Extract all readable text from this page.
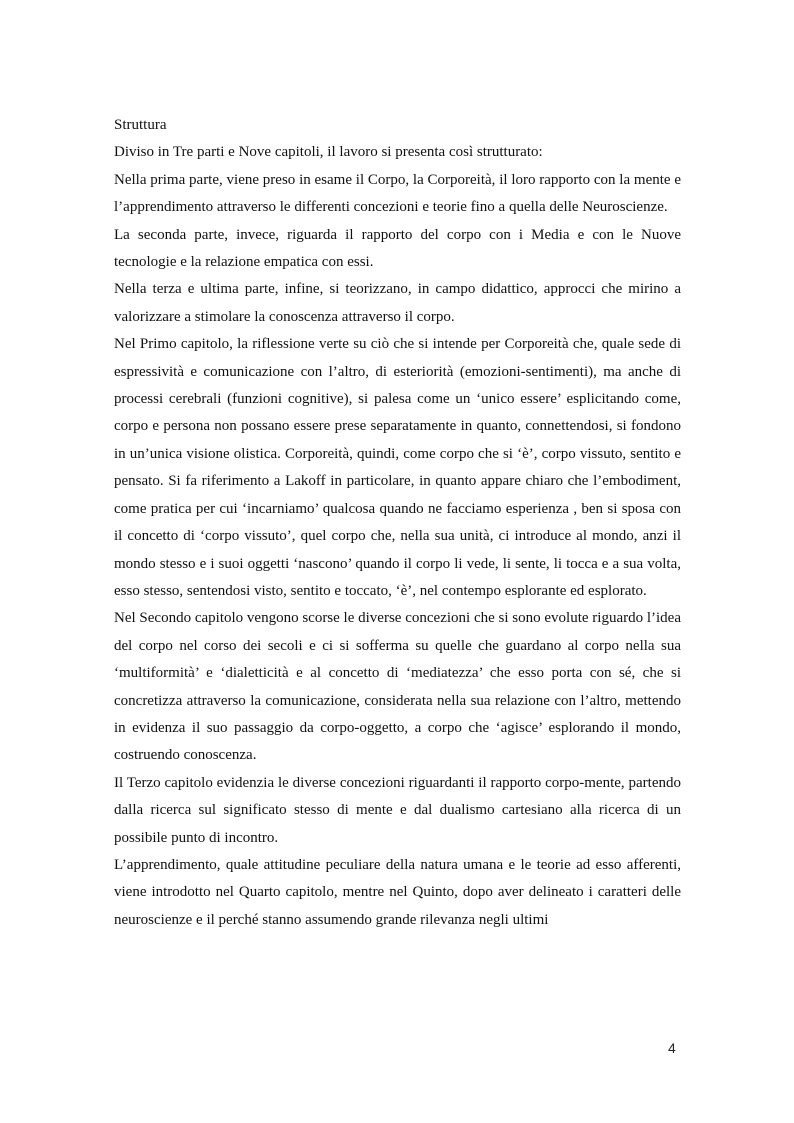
Struttura

Diviso in Tre parti e Nove capitoli, il lavoro si presenta così strutturato:

Nella prima parte, viene preso in esame il Corpo, la Corporeità, il loro rapporto con la mente e l’apprendimento attraverso le differenti concezioni e teorie fino a quella delle Neuroscienze.

La seconda parte, invece, riguarda il rapporto del corpo con i Media e con le Nuove tecnologie e la relazione empatica con essi.

Nella terza e ultima parte, infine, si teorizzano, in campo didattico, approcci che mirino a valorizzare a stimolare la conoscenza attraverso il corpo.

Nel Primo capitolo, la riflessione verte su ciò che si intende per Corporeità che, quale sede di espressività e comunicazione con l’altro, di esteriorità (emozioni-sentimenti), ma anche di processi cerebrali (funzioni cognitive), si palesa come un ‘unico essere’ esplicitando come, corpo e persona non possano essere prese separatamente in quanto, connettendosi, si fondono in un’unica visione olistica. Corporeità, quindi, come corpo che si ‘è’, corpo vissuto, sentito e pensato. Si fa riferimento a Lakoff in particolare, in quanto appare chiaro che l’embodiment, come pratica per cui ‘incarniamo’ qualcosa quando ne facciamo esperienza , ben si sposa con il concetto di ‘corpo vissuto’, quel corpo che, nella sua unità, ci introduce al mondo, anzi il mondo stesso e i suoi oggetti ‘nascono’ quando il corpo li vede, li sente, li tocca e a sua volta, esso stesso, sentendosi visto, sentito e toccato, ‘è’, nel contempo esplorante ed esplorato.

Nel Secondo capitolo vengono scorse le diverse concezioni che si sono evolute riguardo l’idea del corpo nel corso dei secoli e ci si sofferma su quelle che guardano al corpo nella sua ‘multiformità’ e ‘dialetticità e al concetto di ‘mediatezza’ che esso porta con sé, che si concretizza attraverso la comunicazione, considerata nella sua relazione con l’altro, mettendo in evidenza il suo passaggio da corpo-oggetto, a corpo che ‘agisce’ esplorando il mondo, costruendo conoscenza.

Il Terzo capitolo evidenzia le diverse concezioni riguardanti il rapporto corpo-mente, partendo dalla ricerca sul significato stesso di mente e dal dualismo cartesiano alla ricerca di un possibile punto di incontro.

L’apprendimento, quale attitudine peculiare della natura umana e le teorie ad esso afferenti, viene introdotto nel Quarto capitolo, mentre nel Quinto, dopo aver delineato i caratteri delle neuroscienze e il perché stanno assumendo grande rilevanza negli ultimi

4
